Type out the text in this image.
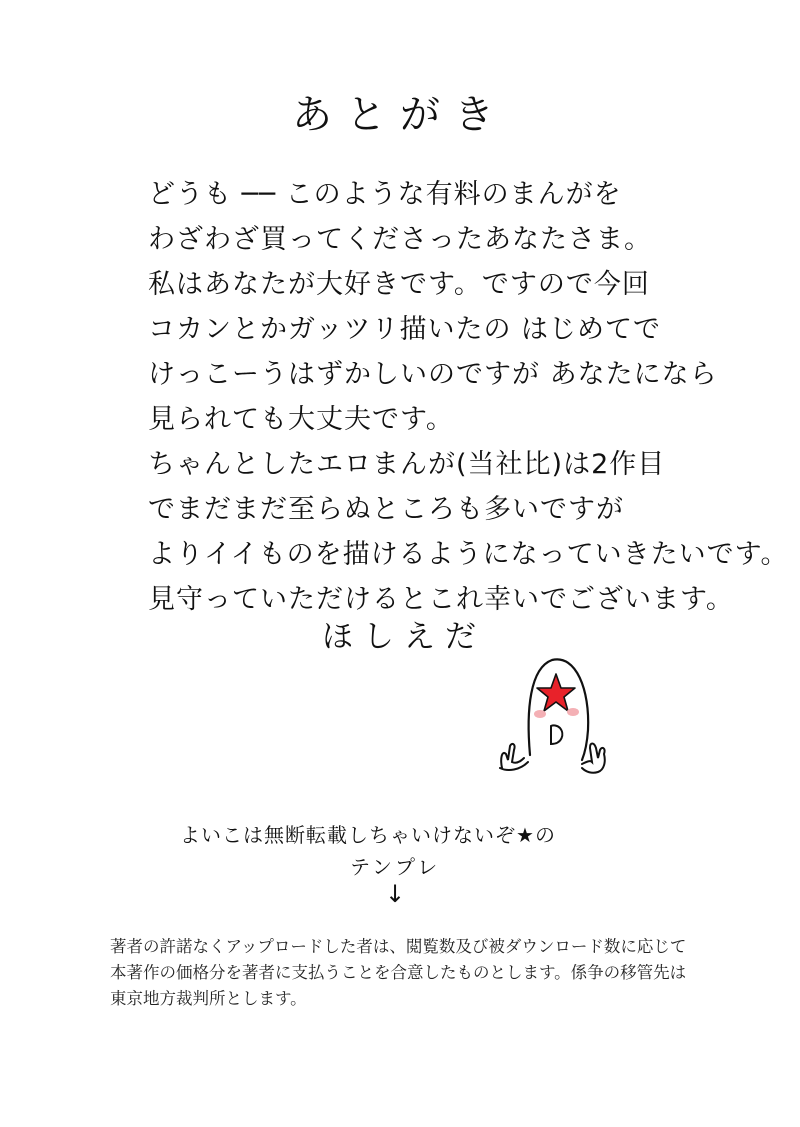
あとがき
どうも ── このような有料のまんがを
わざわざ買ってくださったあなたさま。
私はあなたが大好きです。ですので今回
コカンとかガッツリ描いたの はじめてで
けっこーうはずかしいのですが あなたになら
見られても大丈夫です。
ちゃんとしたエロまんが(当社比)は2作目
でまだまだ至らぬところも多いですが
よりイイものを描けるようになっていきたいです。
見守っていただけるとこれ幸いでございます。
ほしえだ
よいこは無断転載しちゃいけないぞ★の
テンプレ
↓
著者の許諾なくアップロードした者は、閲覧数及び被ダウンロード数に応じて
本著作の価格分を著者に支払うことを合意したものとします。係争の移管先は
東京地方裁判所とします。
